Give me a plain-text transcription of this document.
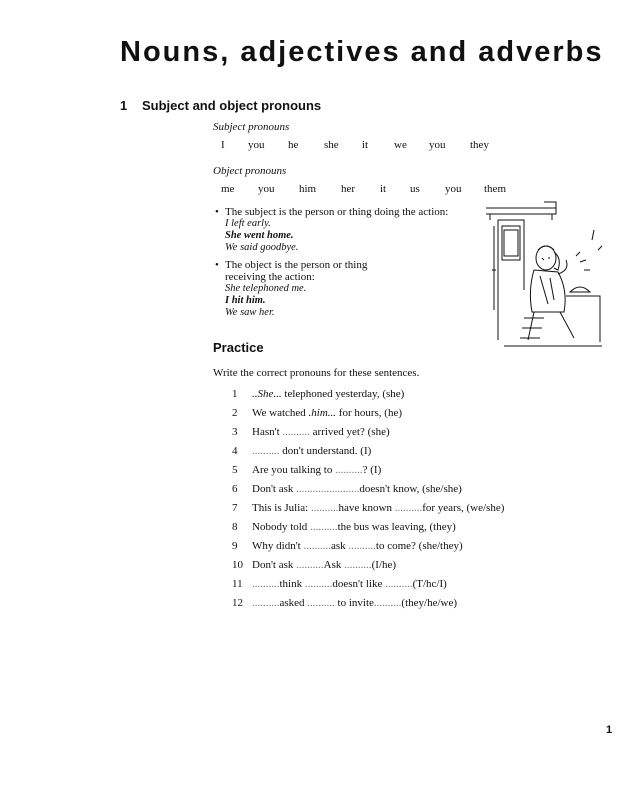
Nouns, adjectives and adverbs
1 Subject and object pronouns
Subject pronouns
I you he she it we you they
Object pronouns
me you him her it us you them
• The subject is the person or thing doing the action:
I left early.
She went home.
We said goodbye.
• The object is the person or thing
receiving the action:
She telephoned me.
I hit him.
We saw her.
Practice
Write the correct pronouns for these sentences.
1 ..She... telephoned yesterday, (she)
2 We watched .him... for hours, (he)
3 Hasn't .....	arrived yet? (she)
4 .....	don't understand. (I)
5 Are you talking to .....	? (I)
6 Don't ask .....	doesn't know, (she/she)
7 This is Julia: .....	have known .....	for years, (we/she)
8 Nobody told .....	the bus was leaving, (they)
9 Why didn't .....	ask .....	to come? (she/they)
10 Don't ask .....	Ask .....	(I/he)
11 .....	think .....	doesn't like .....	(T/hc/I)
12 .....	asked .....	to invite .....	(they/he/we)
1
